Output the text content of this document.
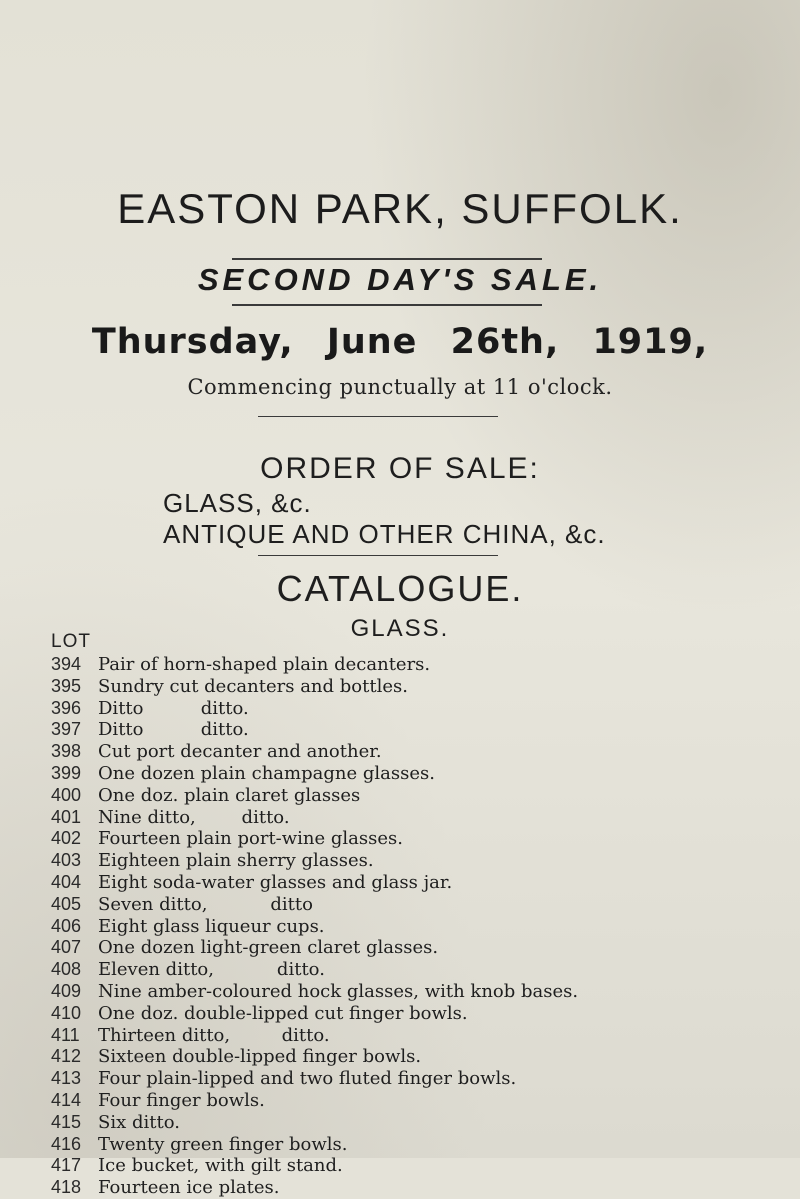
EASTON PARK, SUFFOLK.
SECOND DAY'S SALE.
Thursday, June 26th, 1919,
Commencing punctually at 11 o'clock.
ORDER OF SALE:
GLASS, &c.
ANTIQUE AND OTHER CHINA, &c.
CATALOGUE.
GLASS.
LOT
394 Pair of horn-shaped plain decanters.
395 Sundry cut decanters and bottles.
396 Ditto          ditto.
397 Ditto          ditto.
398 Cut port decanter and another.
399 One dozen plain champagne glasses.
400 One doz. plain claret glasses
401 Nine ditto,        ditto.
402 Fourteen plain port-wine glasses.
403 Eighteen plain sherry glasses.
404 Eight soda-water glasses and glass jar.
405 Seven ditto,           ditto
406 Eight glass liqueur cups.
407 One dozen light-green claret glasses.
408 Eleven ditto,           ditto.
409 Nine amber-coloured hock glasses, with knob bases.
410 One doz. double-lipped cut finger bowls.
411	Thirteen ditto,         ditto.
412 Sixteen double-lipped finger bowls.
413 Four plain-lipped and two fluted finger bowls.
414 Four finger bowls.
415 Six ditto.
416 Twenty green finger bowls.
417 Ice bucket, with gilt stand.
418 Fourteen ice plates.
